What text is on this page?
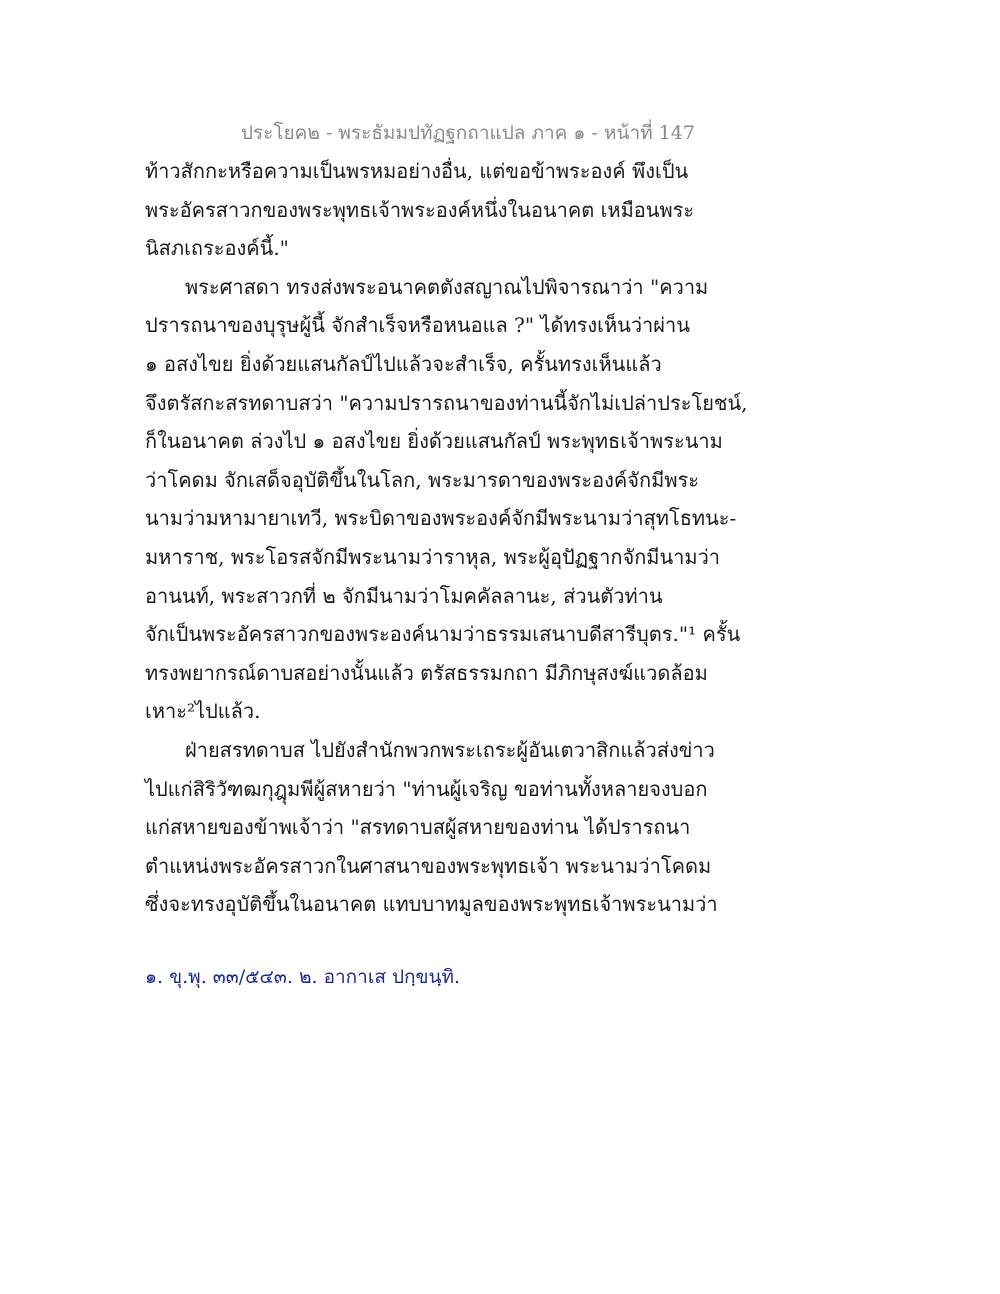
ประโยค๒ - พระธัมมปทัฏฐกถาแปล ภาค ๑ - หน้าที่ 147
ท้าวสักกะหรือความเป็นพรหมอย่างอื่น, แต่ขอข้าพระองค์ พึงเป็น
พระอัครสาวกของพระพุทธเจ้าพระองค์หนึ่งในอนาคต เหมือนพระ
นิสภเถระองค์นี้."
พระศาสดา ทรงส่งพระอนาคตตังสญาณไปพิจารณาว่า "ความ
ปรารถนาของบุรุษผู้นี้ จักสำเร็จหรือหนอแล ?" ได้ทรงเห็นว่าผ่าน
๑ อสงไขย ยิ่งด้วยแสนกัลป์ไปแล้วจะสำเร็จ, ครั้นทรงเห็นแล้ว
จึงตรัสกะสรทดาบสว่า "ความปรารถนาของท่านนี้จักไม่เปล่าประโยชน์,
ก็ในอนาคต ล่วงไป ๑ อสงไขย ยิ่งด้วยแสนกัลป์ พระพุทธเจ้าพระนาม
ว่าโคดม จักเสด็จอุบัติขึ้นในโลก, พระมารดาของพระองค์จักมีพระ
นามว่ามหามายาเทวี, พระบิดาของพระองค์จักมีพระนามว่าสุทโธทนะ-
มหาราช, พระโอรสจักมีพระนามว่าราหุล, พระผู้อุปัฏฐากจักมีนามว่า
อานนท์, พระสาวกที่ ๒ จักมีนามว่าโมคคัลลานะ, ส่วนตัวท่าน
จักเป็นพระอัครสาวกของพระองค์นามว่าธรรมเสนาบดีสารีบุตร."¹ ครั้น
ทรงพยากรณ์ดาบสอย่างนั้นแล้ว ตรัสธรรมกถา มีภิกษุสงฆ์แวดล้อม
เหาะ²ไปแล้ว.
ฝ่ายสรทดาบส ไปยังสำนักพวกพระเถระผู้อันเตวาสิกแล้วส่งข่าว
ไปแก่สิริวัฑฒกุฎุมพีผู้สหายว่า "ท่านผู้เจริญ ขอท่านทั้งหลายจงบอก
แก่สหายของข้าพเจ้าว่า "สรทดาบสผู้สหายของท่าน ได้ปรารถนา
ตำแหน่งพระอัครสาวกในศาสนาของพระพุทธเจ้า พระนามว่าโคดม
ซึ่งจะทรงอุบัติขึ้นในอนาคต แทบบาทมูลของพระพุทธเจ้าพระนามว่า
๑. ขุ.พุ. ๓๓/๕๔๓. ๒. อากาเส ปกฺขนฺทิ.
